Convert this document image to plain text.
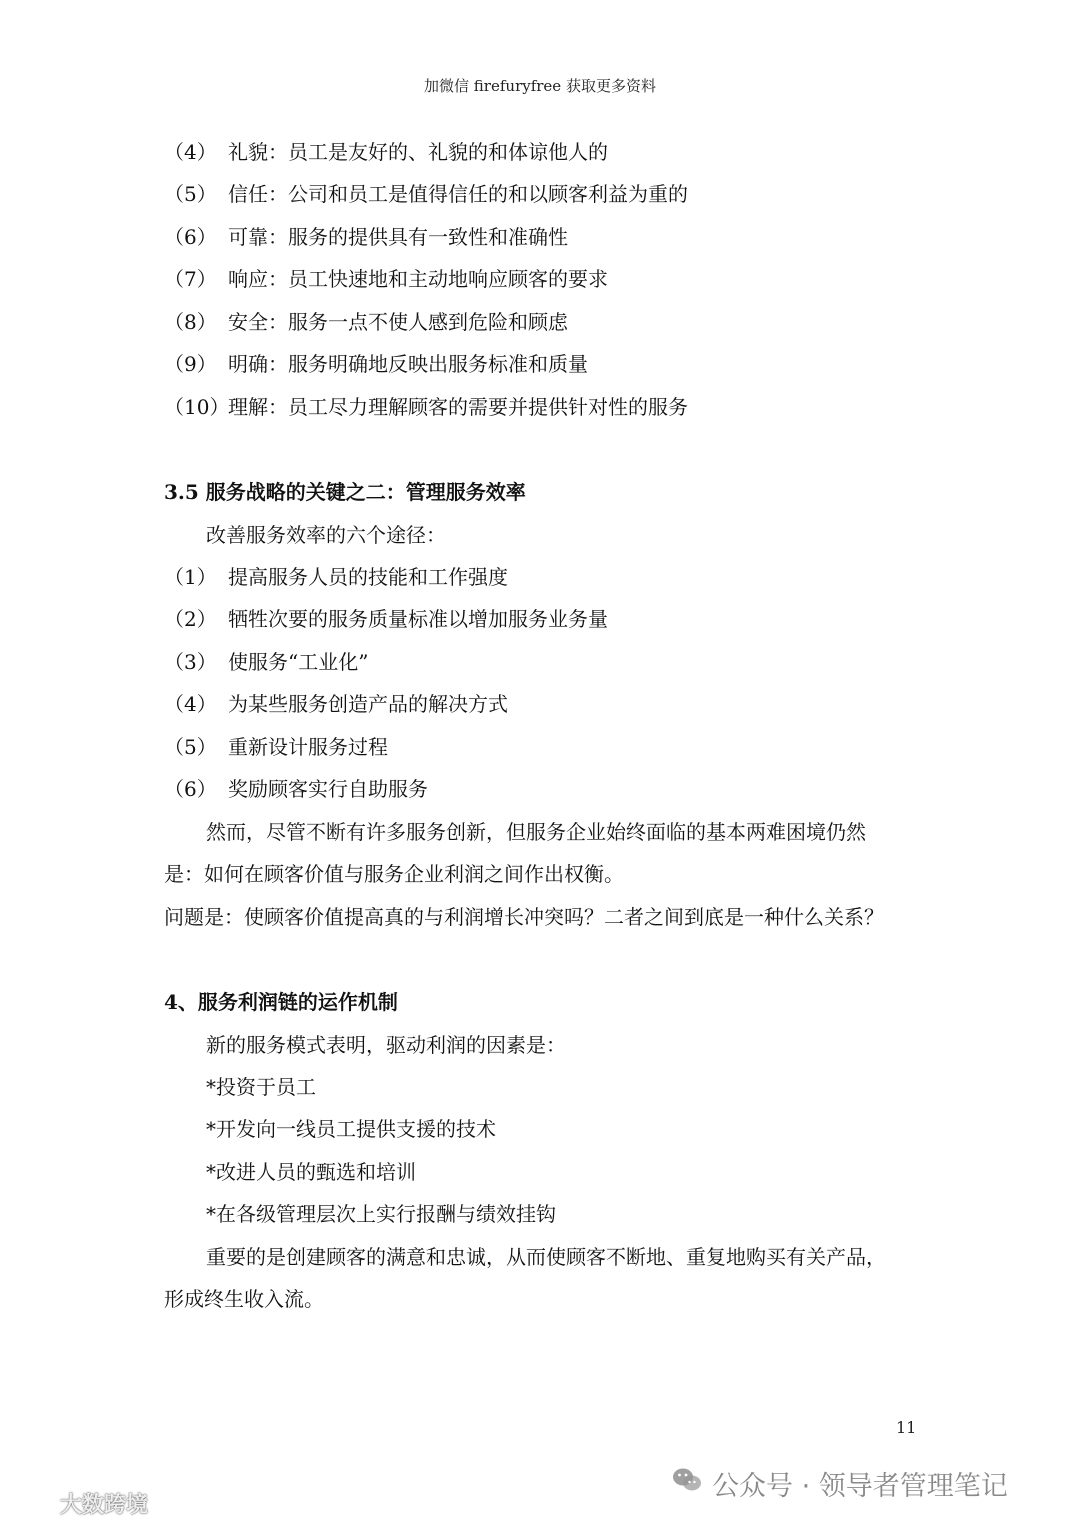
加微信 firefuryfree 获取更多资料
（4） 礼貌：员工是友好的、礼貌的和体谅他人的
（5） 信任：公司和员工是值得信任的和以顾客利益为重的
（6） 可靠：服务的提供具有一致性和准确性
（7） 响应：员工快速地和主动地响应顾客的要求
（8） 安全：服务一点不使人感到危险和顾虑
（9） 明确：服务明确地反映出服务标准和质量
（10）理解：员工尽力理解顾客的需要并提供针对性的服务
3.5 服务战略的关键之二：管理服务效率
改善服务效率的六个途径：
（1） 提高服务人员的技能和工作强度
（2） 牺牲次要的服务质量标准以增加服务业务量
（3） 使服务“工业化”
（4） 为某些服务创造产品的解决方式
（5） 重新设计服务过程
（6） 奖励顾客实行自助服务
然而，尽管不断有许多服务创新，但服务企业始终面临的基本两难困境仍然
是：如何在顾客价值与服务企业利润之间作出权衡。
问题是：使顾客价值提高真的与利润增长冲突吗？二者之间到底是一种什么关系？
4、服务利润链的运作机制
新的服务模式表明，驱动利润的因素是：
*投资于员工
*开发向一线员工提供支援的技术
*改进人员的甄选和培训
*在各级管理层次上实行报酬与绩效挂钩
重要的是创建顾客的满意和忠诚，从而使顾客不断地、重复地购买有关产品，
形成终生收入流。
11
公众号 · 领导者管理笔记
大数跨境
